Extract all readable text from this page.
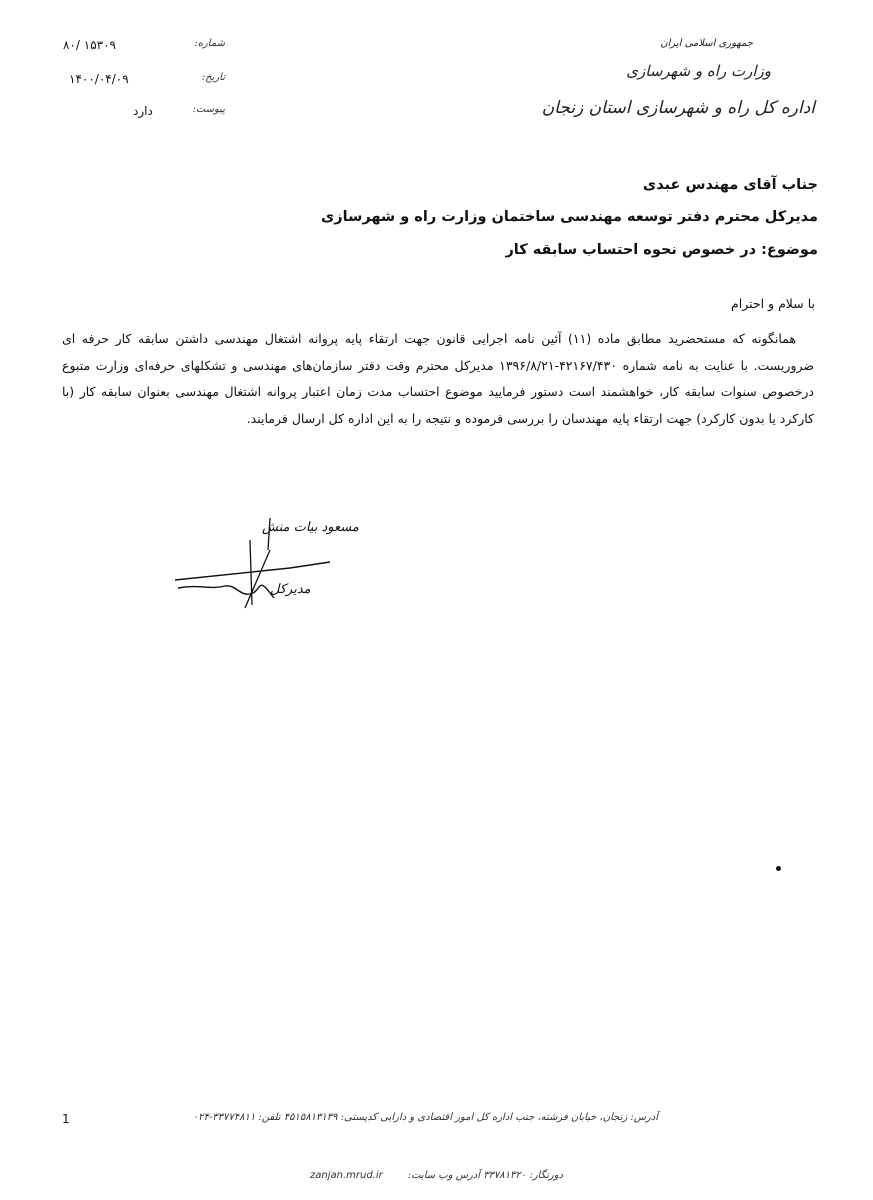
۸۰/ ۱۵۳۰۹	شماره:
۱۴۰۰/۰۴/۰۹	تاریخ:
دارد	پیوست:
جمهوری اسلامی ایران
وزارت راه و شهرسازی
اداره کل راه و شهرسازی استان زنجان
جناب آقای مهندس عبدی
مدیرکل محترم دفتر توسعه مهندسی ساختمان وزارت راه و شهرسازی
موضوع: در خصوص نحوه احتساب سابقه کار
با سلام و احترام
همانگونه که مستحضرید مطابق ماده (۱۱) آئین نامه اجرایی قانون جهت ارتقاء پایه پروانه اشتغال مهندسی داشتن سابقه کار حرفه ای ضروریست. با عنایت به نامه شماره ۴۲۱۶۷/۴۳۰-۱۳۹۶/۸/۲۱ مدیرکل محترم وقت دفتر سازمان‌های مهندسی و تشکلهای حرفه‌ای وزارت متبوع درخصوص سنوات سابقه کار، خواهشمند است دستور فرمایید موضوع احتساب مدت زمان اعتبار پروانه اشتغال مهندسی بعنوان سابقه کار (با کارکرد یا بدون کارکرد) جهت ارتقاء پایه مهندسان را بررسی فرموده و نتیجه را به این اداره کل ارسال فرمایند.
مسعود بیات منش
مدیرکل
1	آدرس: زنجان، خیابان فرشته، جنب اداره کل امور اقتصادی و دارایی کدپستی: ۴۵۱۵۸۱۳۱۳۹ تلفن: ۳۳۷۷۴۸۱۱-۰۲۴
دورنگار: ۳۳۷۸۱۳۲۰ آدرس وب سایت:
zanjan.mrud.ir
